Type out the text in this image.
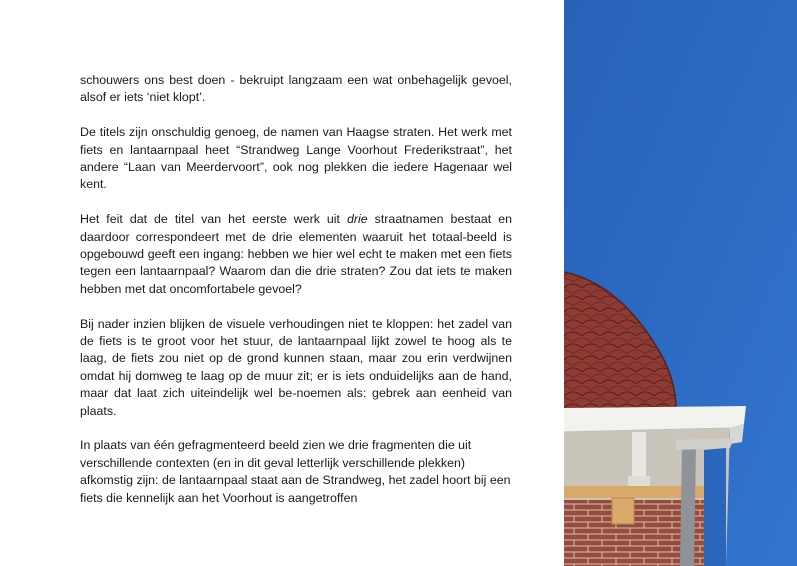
schouwers ons best doen - bekruipt langzaam een wat onbehagelijk gevoel, alsof er iets ‘niet klopt’.

De titels zijn onschuldig genoeg, de namen van Haagse straten. Het werk met fiets en lantaarnpaal heet “Strandweg Lange Voorhout Frederikstraat”, het andere “Laan van Meerdervoort”, ook nog plekken die iedere Hagenaar wel kent.

Het feit dat de titel van het eerste werk uit drie straatnamen bestaat en daardoor correspondeert met de drie elementen waaruit het totaal-beeld is opgebouwd geeft een ingang: hebben we hier wel echt te maken met een fiets tegen een lantaarnpaal? Waarom dan die drie straten? Zou dat iets te maken hebben met dat oncomfortabele gevoel?

Bij nader inzien blijken de visuele verhoudingen niet te kloppen: het zadel van de fiets is te groot voor het stuur, de lantaarnpaal lijkt zowel te hoog als te laag, de fiets zou niet op de grond kunnen staan, maar zou erin verdwijnen omdat hij domweg te laag op de muur zit; er is iets onduidelijks aan de hand, maar dat laat zich uiteindelijk wel be-noemen als: gebrek aan eenheid van plaats.

In plaats van één gefragmenteerd beeld zien we drie fragmenten die uit verschillende contexten (en in dit geval letterlijk verschillende plekken) afkomstig zijn: de lantaarnpaal staat aan de Strandweg, het zadel hoort bij een fiets die kennelijk aan het Voorhout is aangetroffen
